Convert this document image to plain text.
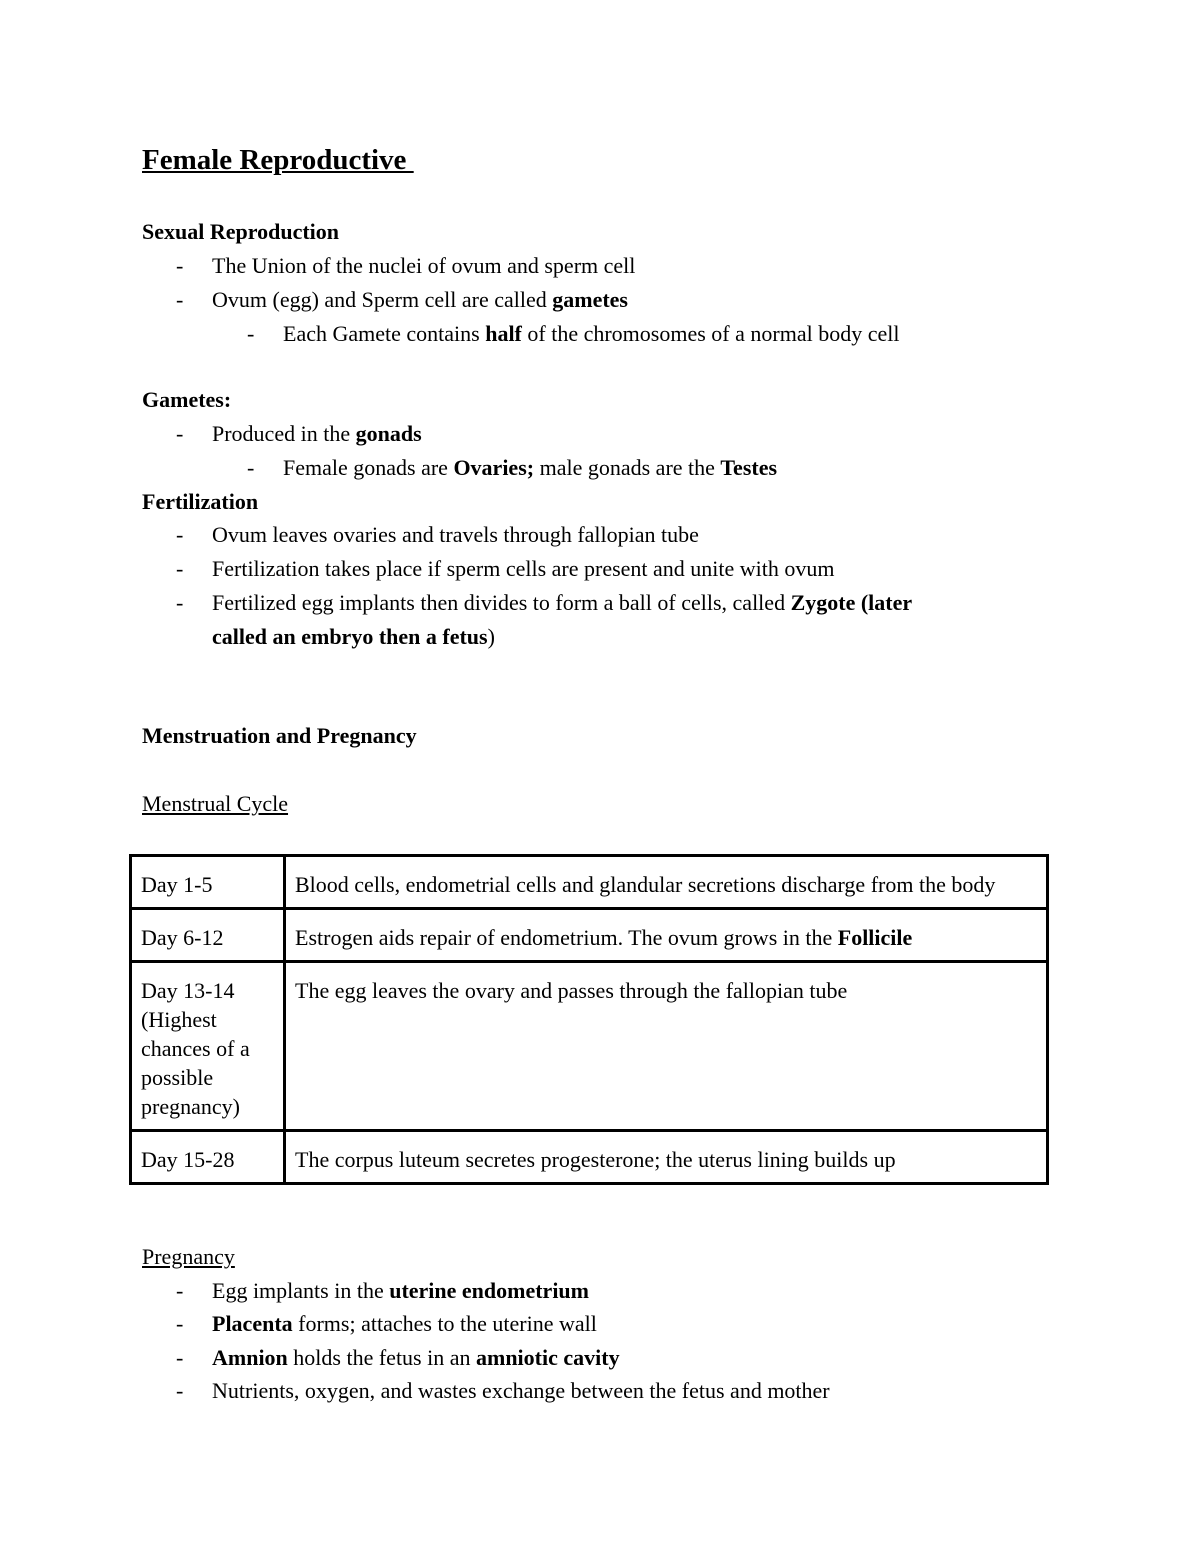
Female Reproductive
Sexual Reproduction
- The Union of the nuclei of ovum and sperm cell
- Ovum (egg) and Sperm cell are called gametes
- Each Gamete contains half of the chromosomes of a normal body cell
Gametes:
- Produced in the gonads
- Female gonads are Ovaries; male gonads are the Testes
Fertilization
- Ovum leaves ovaries and travels through fallopian tube
- Fertilization takes place if sperm cells are present and unite with ovum
- Fertilized egg implants then divides to form a ball of cells, called Zygote (later
called an embryo then a fetus)
Menstruation and Pregnancy
Menstrual Cycle
Day 1-5	Blood cells, endometrial cells and glandular secretions discharge from the body
Day 6-12	Estrogen aids repair of endometrium. The ovum grows in the Follicile
Day 13-14 (Highest chances of a possible pregnancy)	The egg leaves the ovary and passes through the fallopian tube
Day 15-28	The corpus luteum secretes progesterone; the uterus lining builds up
Pregnancy
- Egg implants in the uterine endometrium
- Placenta forms; attaches to the uterine wall
- Amnion holds the fetus in an amniotic cavity
- Nutrients, oxygen, and wastes exchange between the fetus and mother
